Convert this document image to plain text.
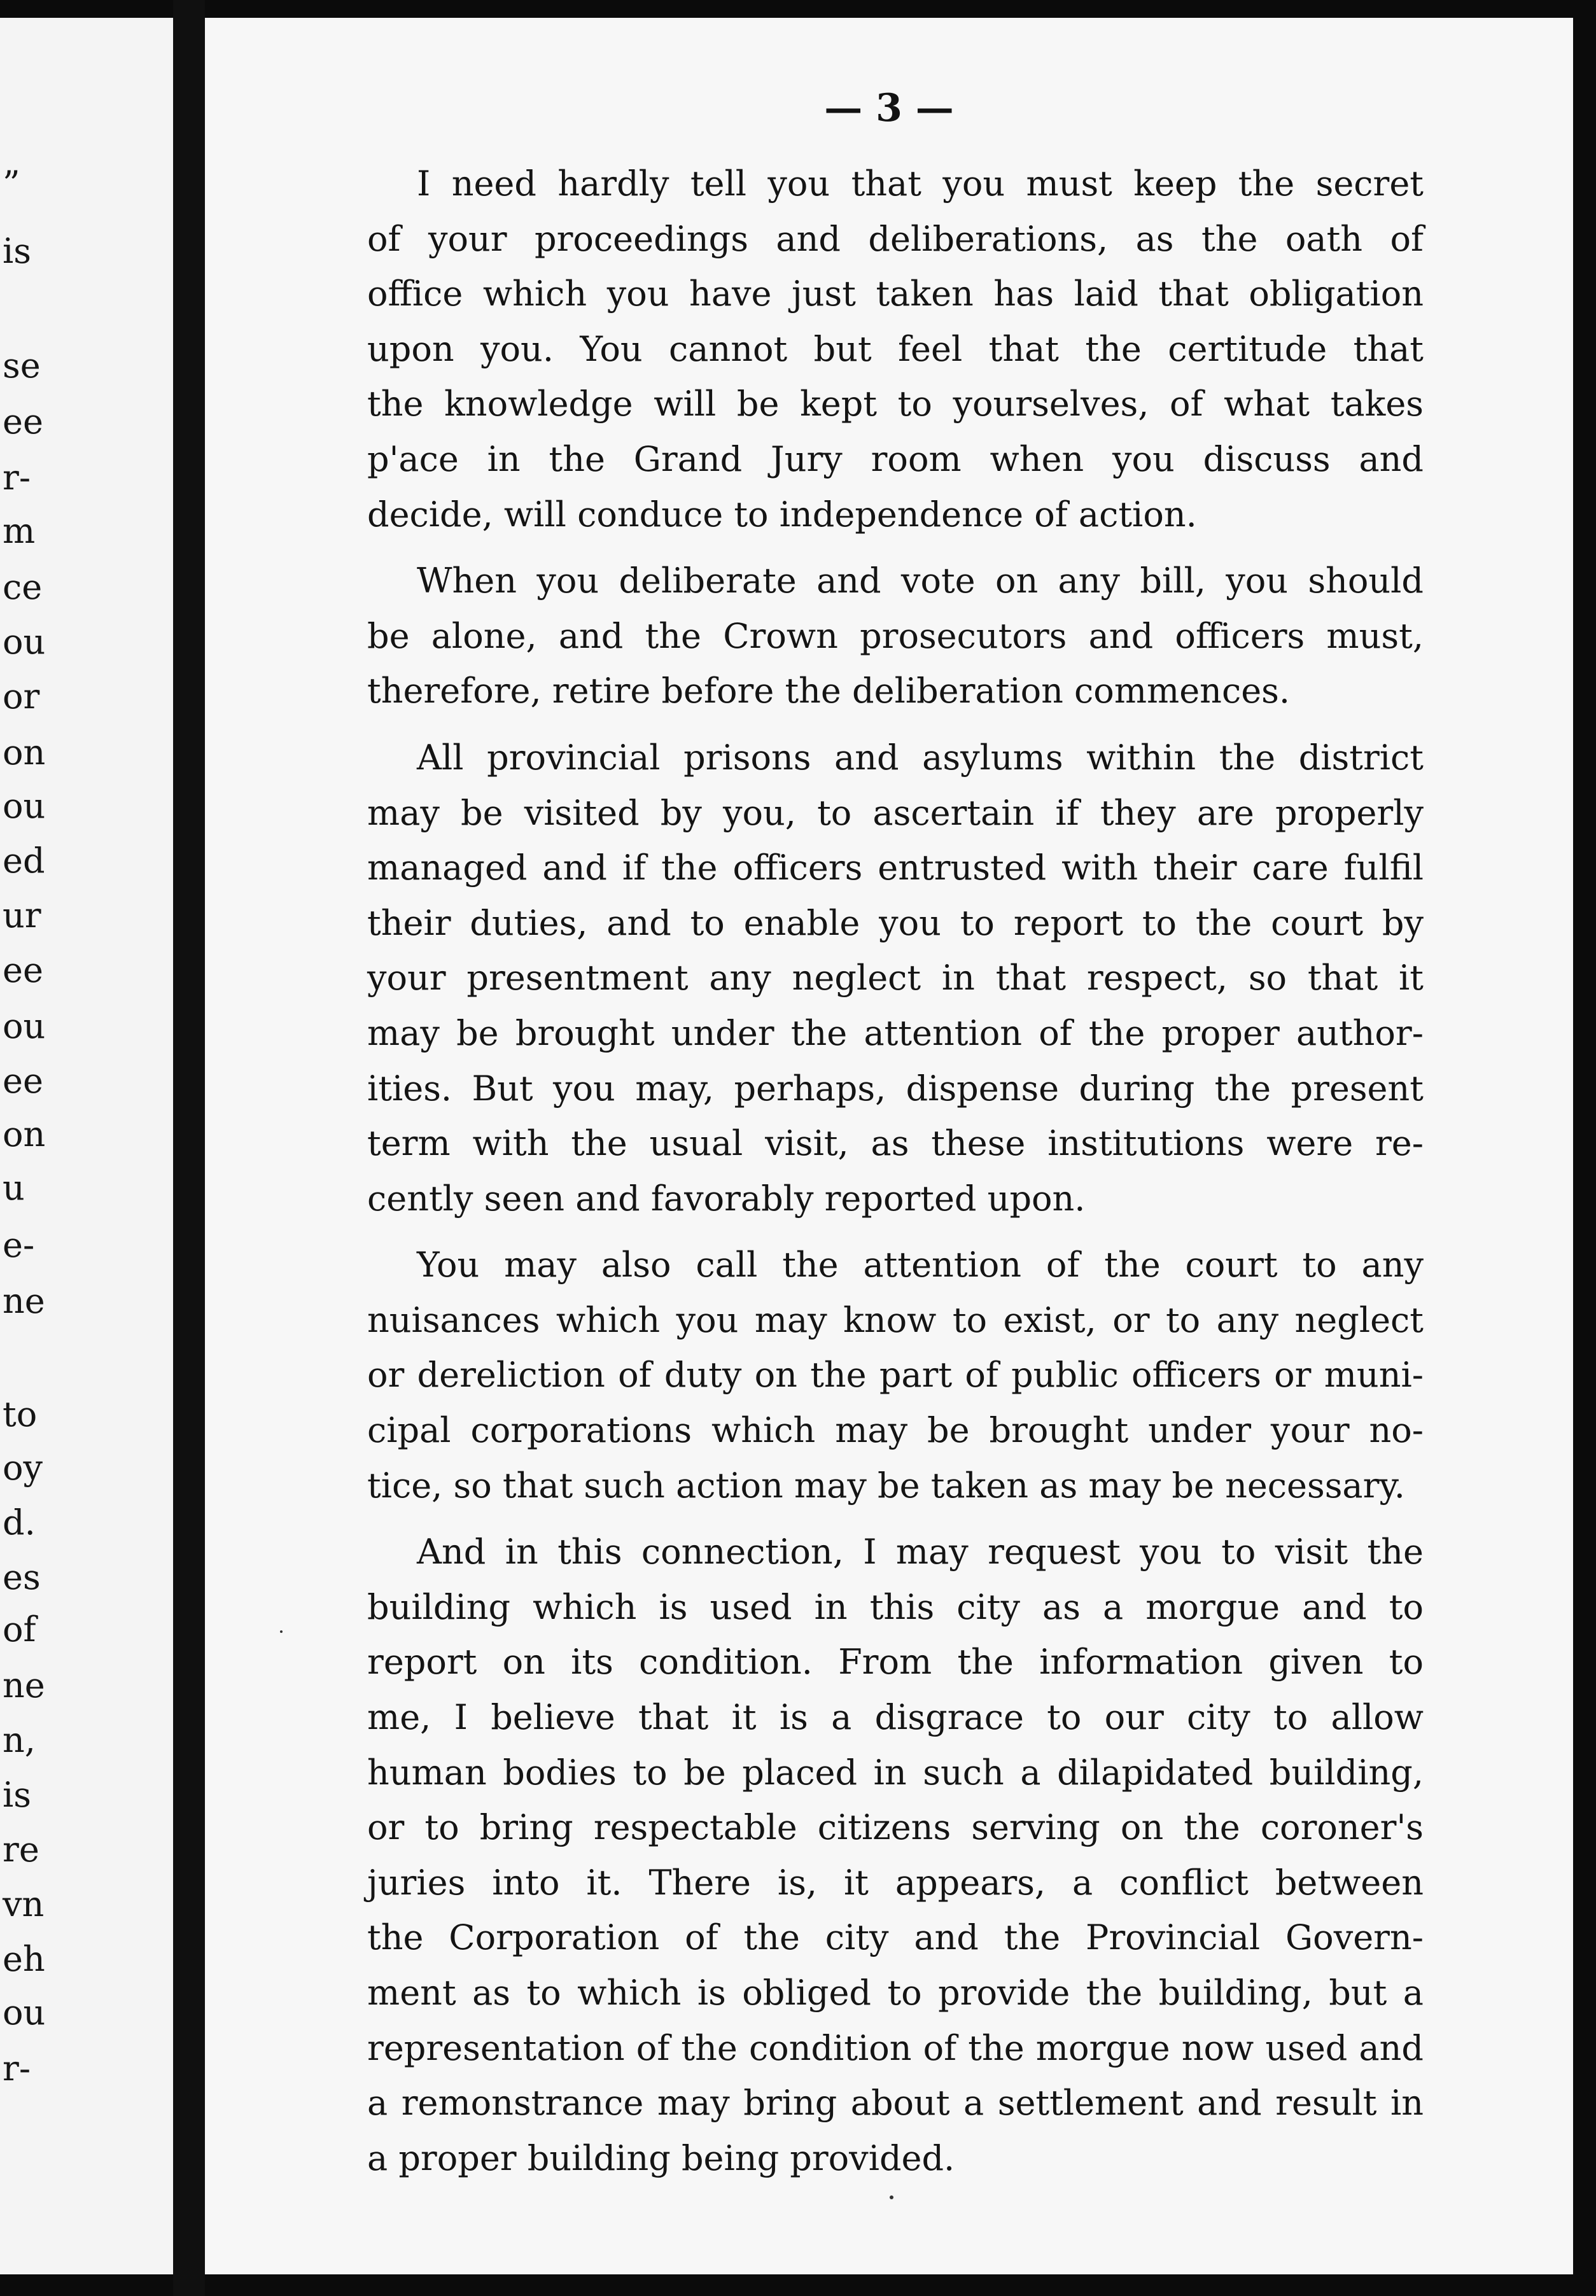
”
is
se
ee
r-
m
ce
ou
or
on
ou
ed
ur
ee
ou
ee
on
u
e-
ne
to
oy
d.
es
of
ne
n,
is
re
vn
eh
ou
r-
— 3 —
I need hardly tell you that you must keep the secret
of your proceedings and deliberations, as the oath of
office which you have just taken has laid that obligation
upon you. You cannot but feel that the certitude that
the knowledge will be kept to yourselves, of what takes
p'ace in the Grand Jury room when you discuss and
decide, will conduce to independence of action.
When you deliberate and vote on any bill, you should
be alone, and the Crown prosecutors and officers must,
therefore, retire before the deliberation commences.
All provincial prisons and asylums within the district
may be visited by you, to ascertain if they are properly
managed and if the officers entrusted with their care fulfil
their duties, and to enable you to report to the court by
your presentment any neglect in that respect, so that it
may be brought under the attention of the proper author-
ities. But you may, perhaps, dispense during the present
term with the usual visit, as these institutions were re-
cently seen and favorably reported upon.
You may also call the attention of the court to any
nuisances which you may know to exist, or to any neglect
or dereliction of duty on the part of public officers or muni-
cipal corporations which may be brought under your no-
tice, so that such action may be taken as may be necessary.
And in this connection, I may request you to visit the
building which is used in this city as a morgue and to
report on its condition. From the information given to
me, I believe that it is a disgrace to our city to allow
human bodies to be placed in such a dilapidated building,
or to bring respectable citizens serving on the coroner's
juries into it. There is, it appears, a conflict between
the Corporation of the city and the Provincial Govern-
ment as to which is obliged to provide the building, but a
representation of the condition of the morgue now used and
a remonstrance may bring about a settlement and result in
a proper building being provided.
